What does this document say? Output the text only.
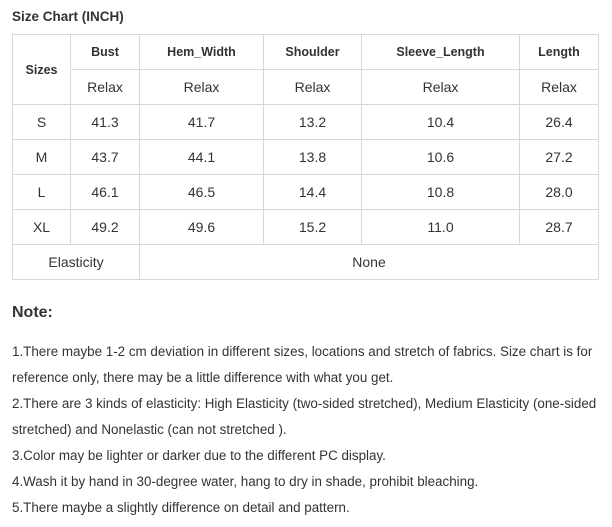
Size Chart (INCH)
Sizes	Bust	Hem_Width	Shoulder	Sleeve_Length	Length
	Relax	Relax	Relax	Relax	Relax
S	41.3	41.7	13.2	10.4	26.4
M	43.7	44.1	13.8	10.6	27.2
L	46.1	46.5	14.4	10.8	28.0
XL	49.2	49.6	15.2	11.0	28.7
Elasticity		None			
Note:
1.There maybe 1-2 cm deviation in different sizes, locations and stretch of fabrics. Size chart is for reference only, there may be a little difference with what you get.
2.There are 3 kinds of elasticity: High Elasticity (two-sided stretched), Medium Elasticity (one-sided stretched) and Nonelastic (can not stretched ).
3.Color may be lighter or darker due to the different PC display.
4.Wash it by hand in 30-degree water, hang to dry in shade, prohibit bleaching.
5.There maybe a slightly difference on detail and pattern.
